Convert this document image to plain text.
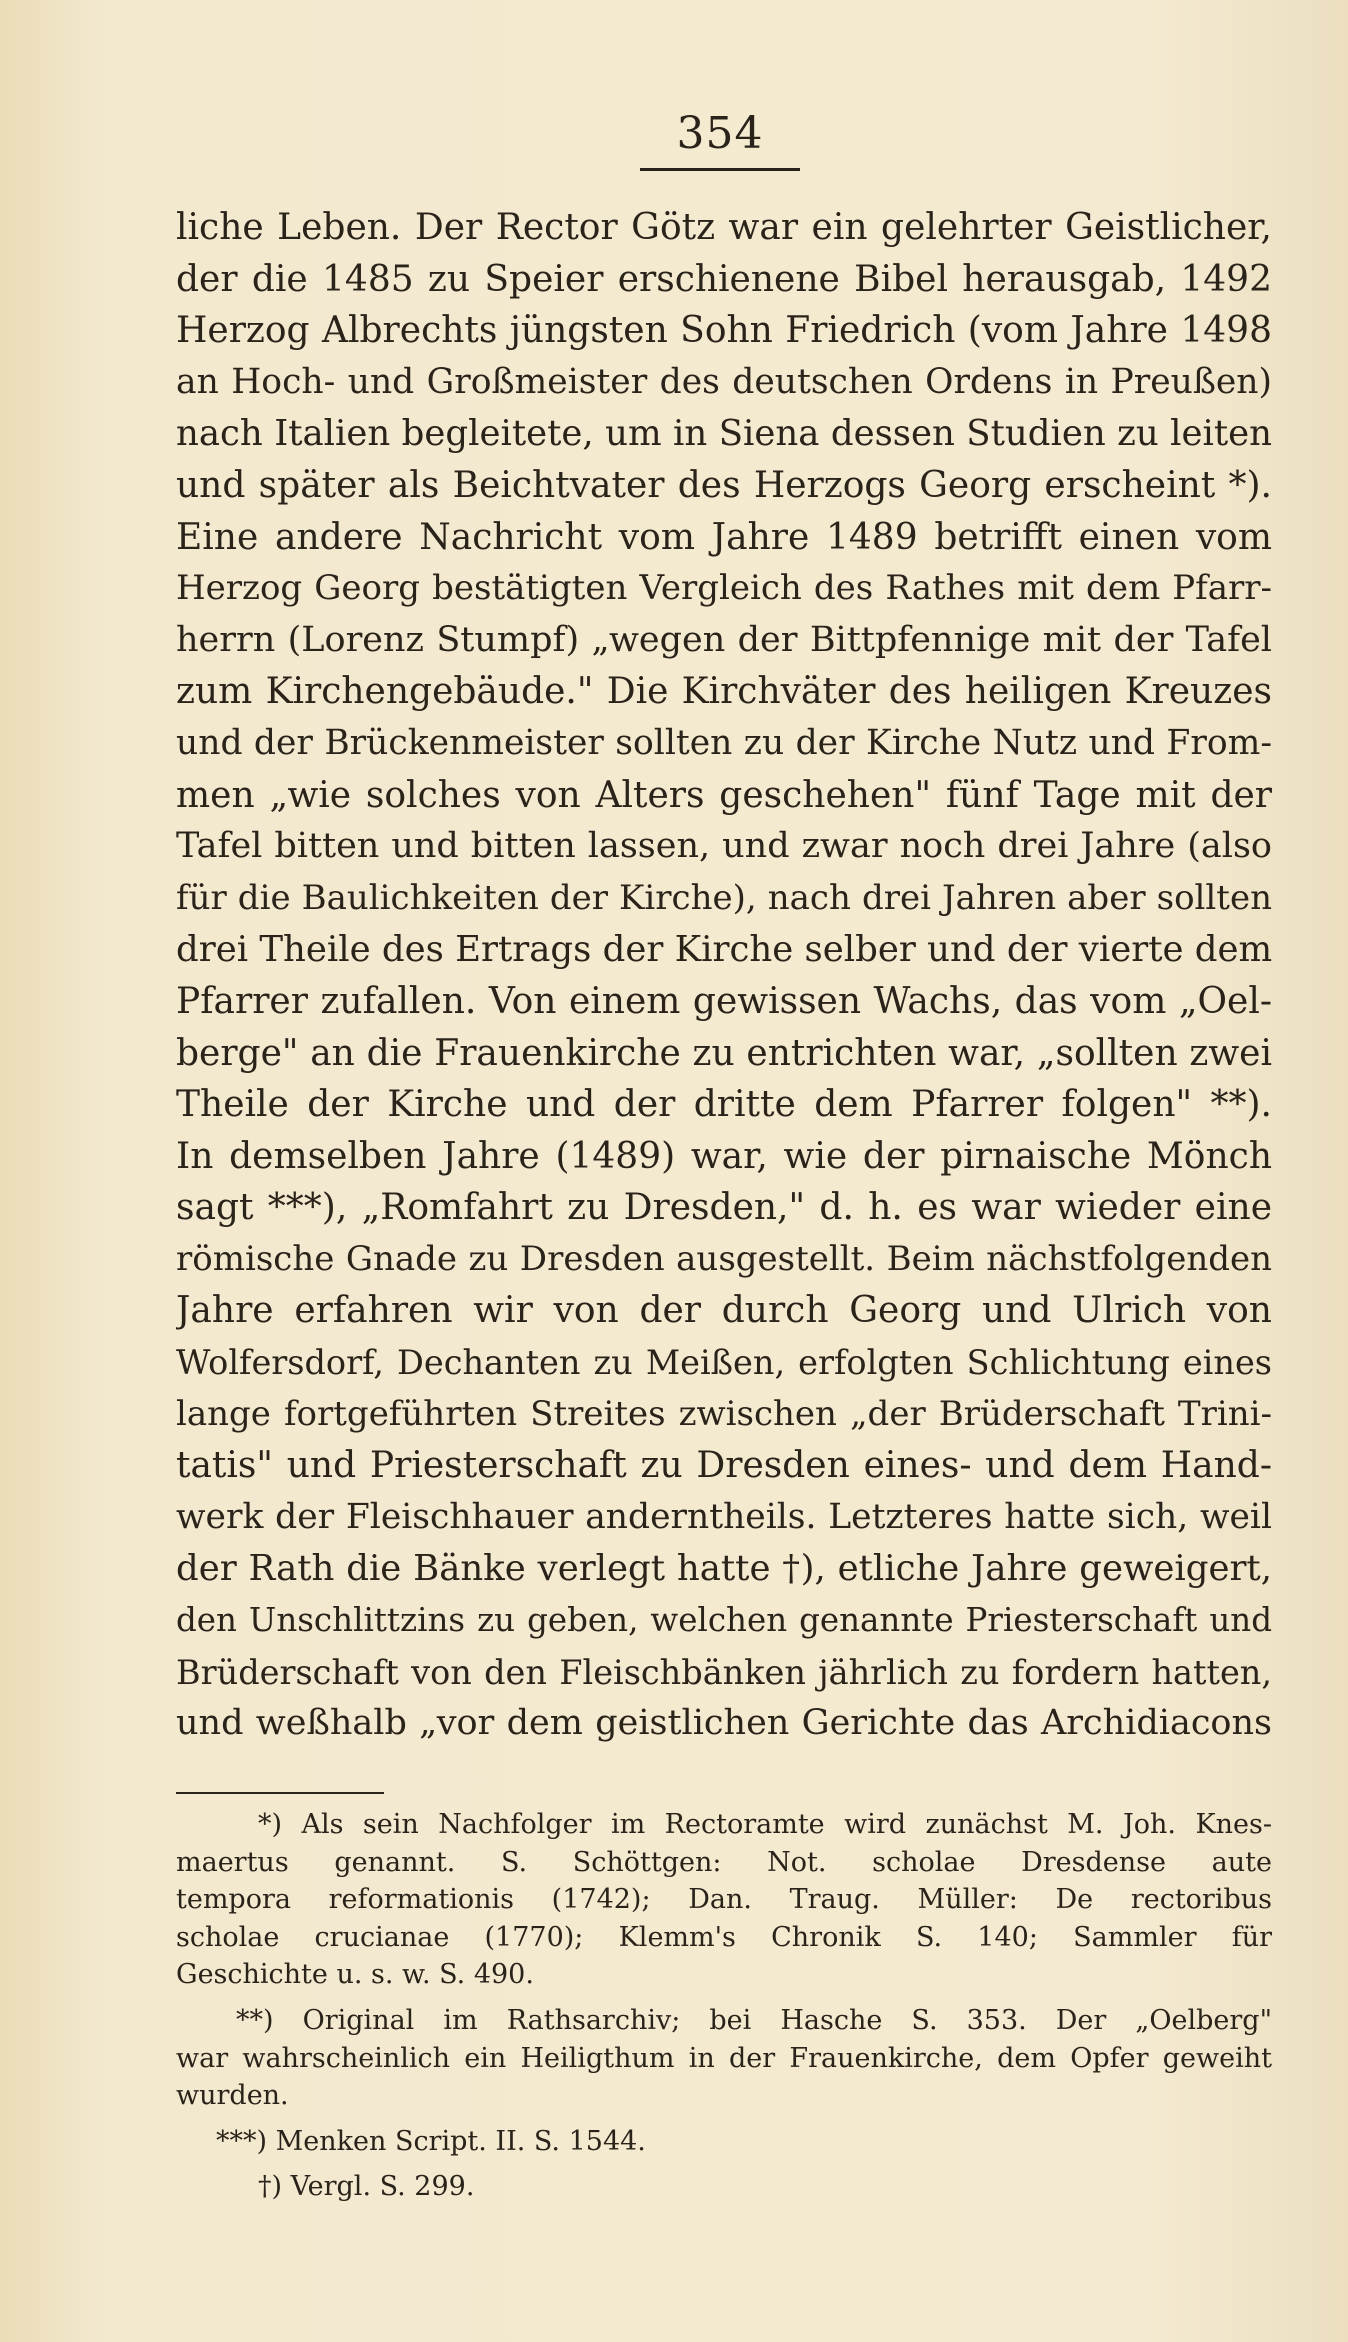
354
liche Leben. Der Rector Götz war ein gelehrter Geistlicher,
der die 1485 zu Speier erschienene Bibel herausgab, 1492
Herzog Albrechts jüngsten Sohn Friedrich (vom Jahre 1498
an Hoch- und Großmeister des deutschen Ordens in Preußen)
nach Italien begleitete, um in Siena dessen Studien zu leiten
und später als Beichtvater des Herzogs Georg erscheint *).
Eine andere Nachricht vom Jahre 1489 betrifft einen vom
Herzog Georg bestätigten Vergleich des Rathes mit dem Pfarr-
herrn (Lorenz Stumpf) „wegen der Bittpfennige mit der Tafel
zum Kirchengebäude." Die Kirchväter des heiligen Kreuzes
und der Brückenmeister sollten zu der Kirche Nutz und From-
men „wie solches von Alters geschehen" fünf Tage mit der
Tafel bitten und bitten lassen, und zwar noch drei Jahre (also
für die Baulichkeiten der Kirche), nach drei Jahren aber sollten
drei Theile des Ertrags der Kirche selber und der vierte dem
Pfarrer zufallen. Von einem gewissen Wachs, das vom „Oel-
berge" an die Frauenkirche zu entrichten war, „sollten zwei
Theile der Kirche und der dritte dem Pfarrer folgen" **).
In demselben Jahre (1489) war, wie der pirnaische Mönch
sagt ***), „Romfahrt zu Dresden," d. h. es war wieder eine
römische Gnade zu Dresden ausgestellt. Beim nächstfolgenden
Jahre erfahren wir von der durch Georg und Ulrich von
Wolfersdorf, Dechanten zu Meißen, erfolgten Schlichtung eines
lange fortgeführten Streites zwischen „der Brüderschaft Trini-
tatis" und Priesterschaft zu Dresden eines- und dem Hand-
werk der Fleischhauer anderntheils. Letzteres hatte sich, weil
der Rath die Bänke verlegt hatte †), etliche Jahre geweigert,
den Unschlittzins zu geben, welchen genannte Priesterschaft und
Brüderschaft von den Fleischbänken jährlich zu fordern hatten,
und weßhalb „vor dem geistlichen Gerichte das Archidiacons
*) Als sein Nachfolger im Rectoramte wird zunächst M. Joh. Knes-
maertus genannt. S. Schöttgen: Not. scholae Dresdense aute
tempora reformationis (1742); Dan. Traug. Müller: De rectoribus
scholae crucianae (1770); Klemm's Chronik S. 140; Sammler für
Geschichte u. s. w. S. 490.
**) Original im Rathsarchiv; bei Hasche S. 353. Der „Oelberg"
war wahrscheinlich ein Heiligthum in der Frauenkirche, dem Opfer geweiht
wurden.
***) Menken Script. II. S. 1544.
†) Vergl. S. 299.
